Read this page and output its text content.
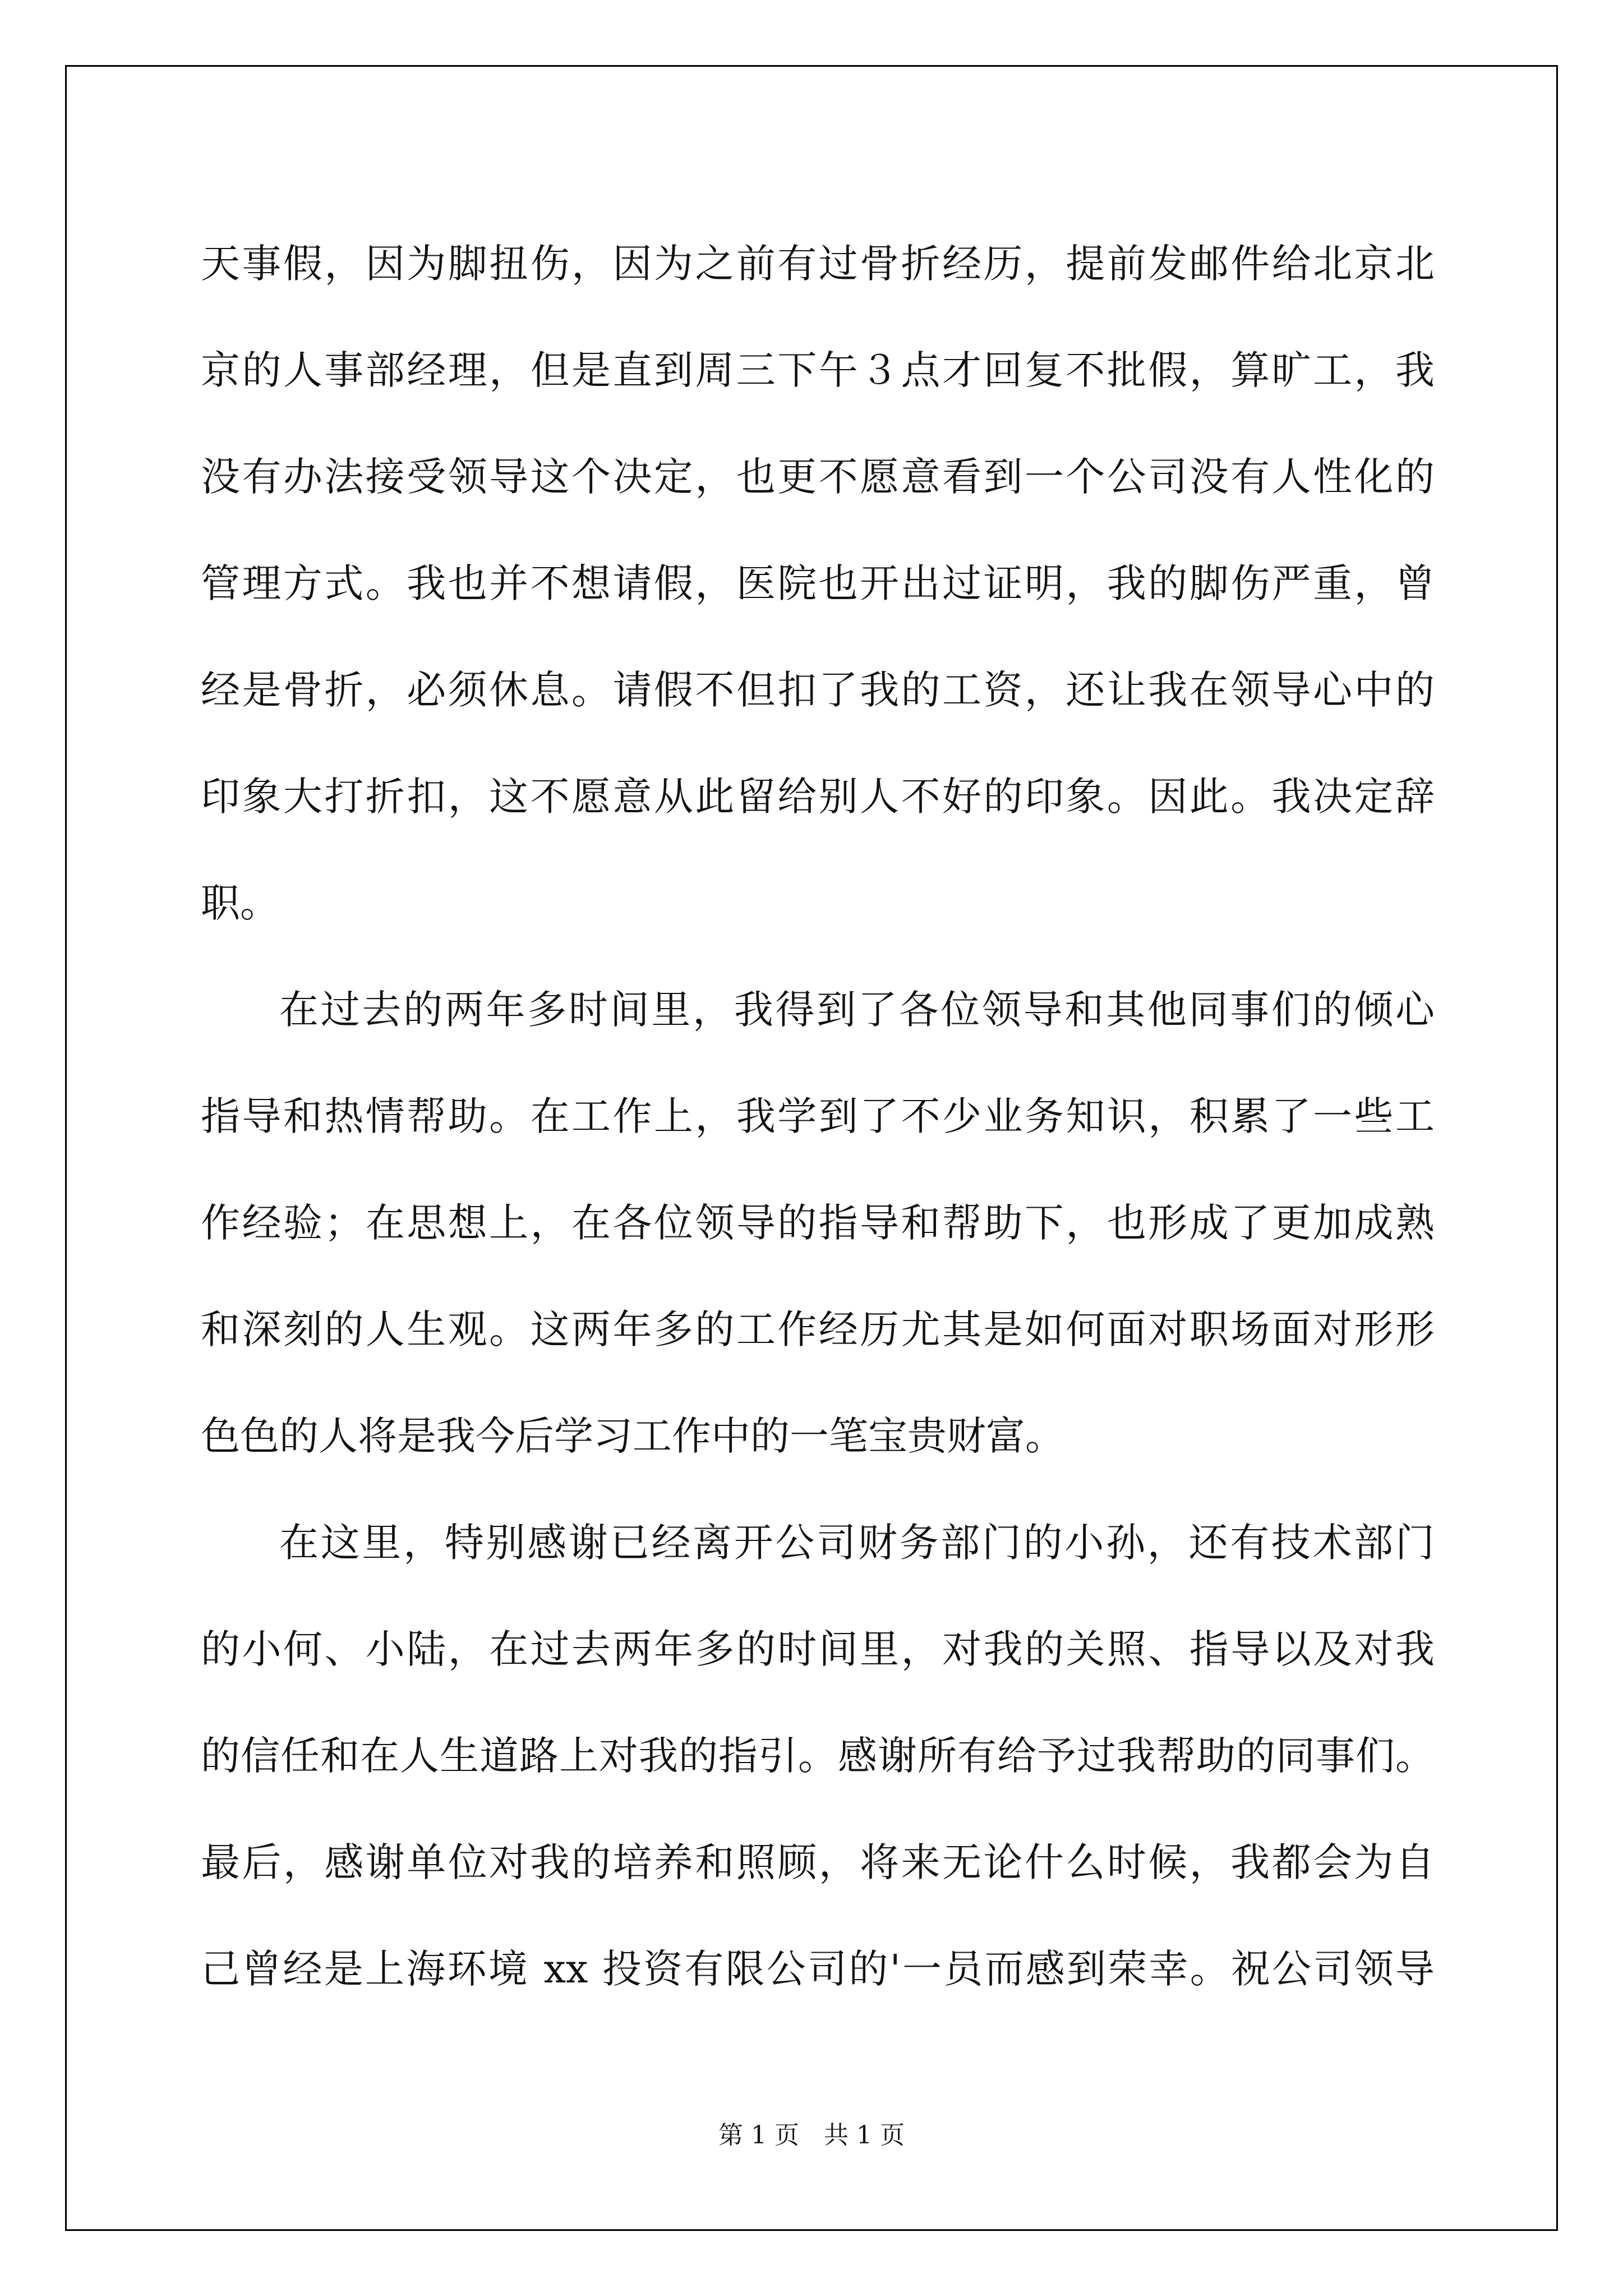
天事假，因为脚扭伤，因为之前有过骨折经历，提前发邮件给北京北
京的人事部经理，但是直到周三下午３点才回复不批假，算旷工，我
没有办法接受领导这个决定，也更不愿意看到一个公司没有人性化的
管理方式。我也并不想请假，医院也开出过证明，我的脚伤严重，曾
经是骨折，必须休息。请假不但扣了我的工资，还让我在领导心中的
印象大打折扣，这不愿意从此留给别人不好的印象。因此。我决定辞
职。
在过去的两年多时间里，我得到了各位领导和其他同事们的倾心
指导和热情帮助。在工作上，我学到了不少业务知识，积累了一些工
作经验；在思想上，在各位领导的指导和帮助下，也形成了更加成熟
和深刻的人生观。这两年多的工作经历尤其是如何面对职场面对形形
色色的人将是我今后学习工作中的一笔宝贵财富。
在这里，特别感谢已经离开公司财务部门的小孙，还有技术部门
的小何、小陆，在过去两年多的时间里，对我的关照、指导以及对我
的信任和在人生道路上对我的指引。感谢所有给予过我帮助的同事们。
最后，感谢单位对我的培养和照顾，将来无论什么时候，我都会为自
己曾经是上海环境 xx 投资有限公司的'一员而感到荣幸。祝公司领导
第 1 页　共 1 页
